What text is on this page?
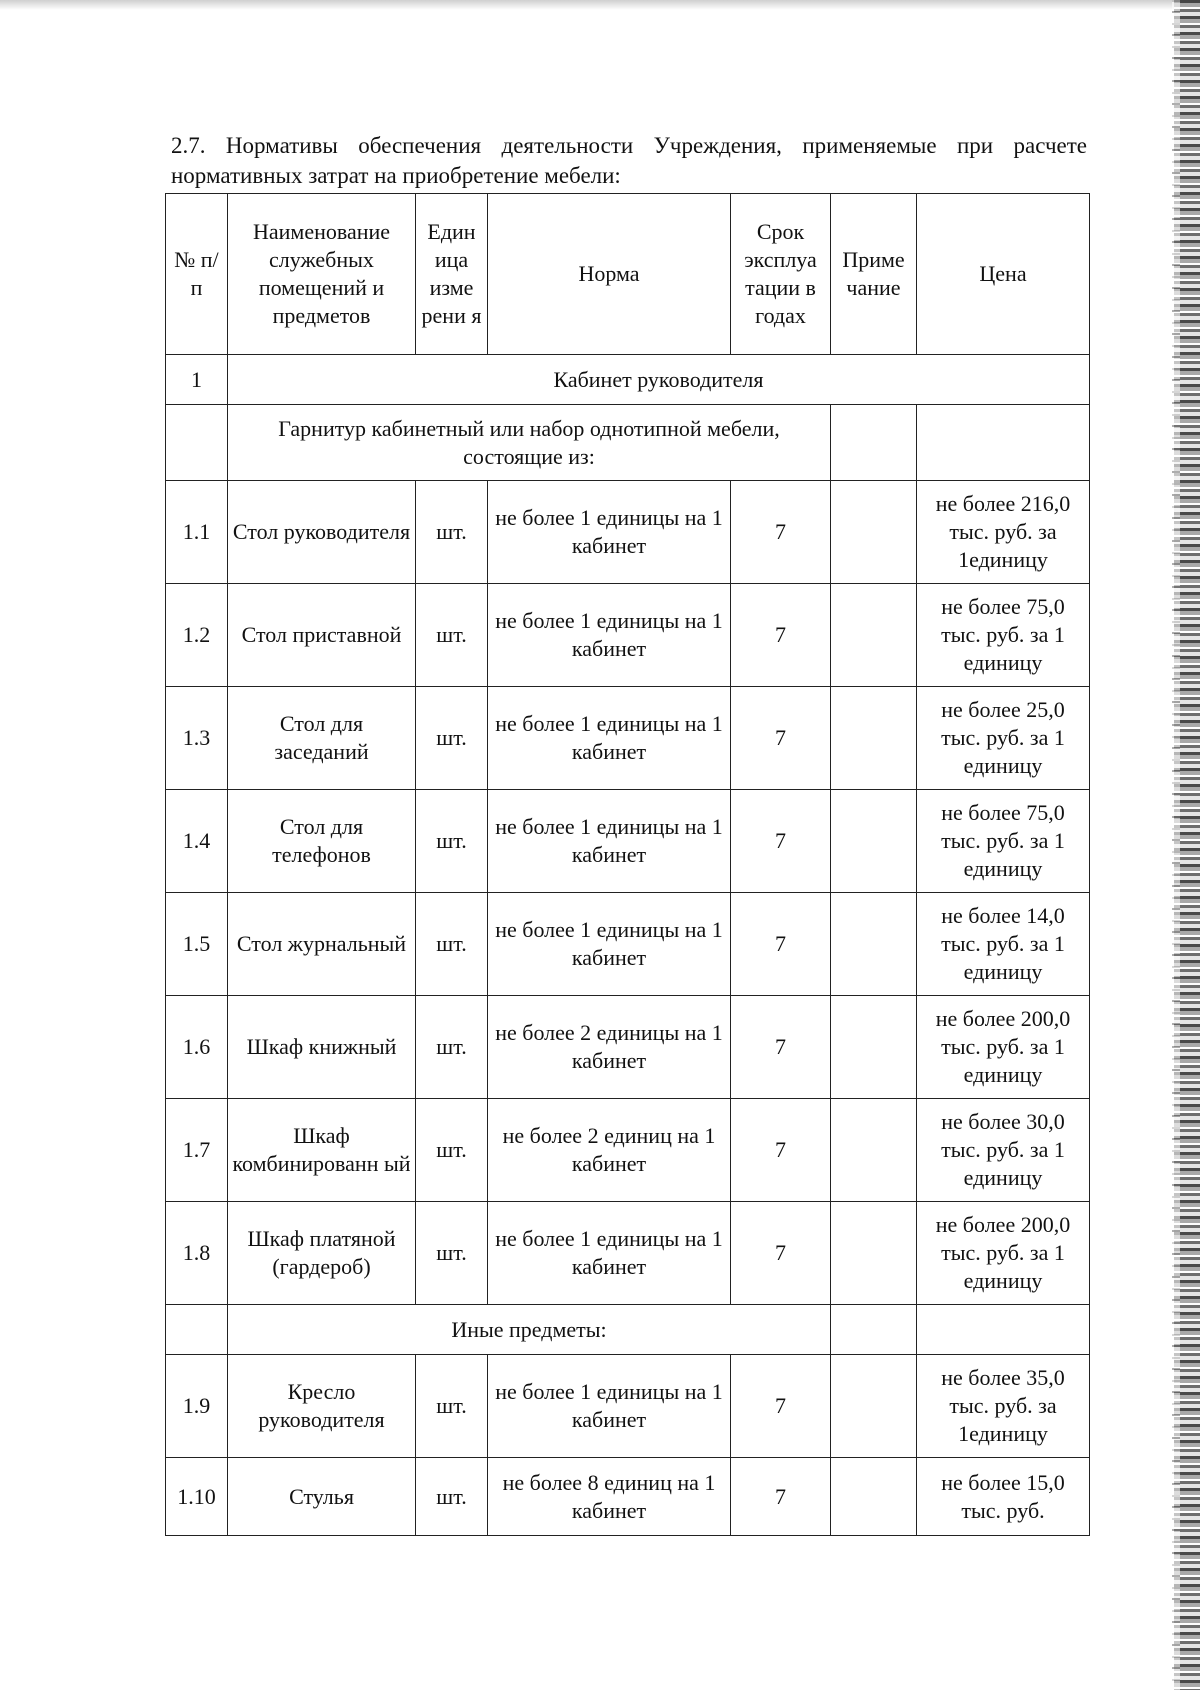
2.7. Нормативы обеспечения деятельности Учреждения, применяемые при расчете нормативных затрат на приобретение мебели:

№ п/п	Наименование служебных помещений и предметов	Един ица изме рени я	Норма	Срок эксплуа тации в годах	Приме чание	Цена
1	Кабинет руководителя					
	Гарнитур кабинетный или набор однотипной мебели, состоящие из:					
1.1	Стол руководителя	шт.	не более 1 единицы на 1 кабинет	7		не более 216,0 тыс. руб. за 1единицу
1.2	Стол приставной	шт.	не более 1 единицы на 1 кабинет	7		не более 75,0 тыс. руб. за 1 единицу
1.3	Стол для заседаний	шт.	не более 1 единицы на 1 кабинет	7		не более 25,0 тыс. руб. за 1 единицу
1.4	Стол для телефонов	шт.	не более 1 единицы на 1 кабинет	7		не более 75,0 тыс. руб. за 1 единицу
1.5	Стол журнальный	шт.	не более 1 единицы на 1 кабинет	7		не более 14,0 тыс. руб. за 1 единицу
1.6	Шкаф книжный	шт.	не более 2 единицы на 1 кабинет	7		не более 200,0 тыс. руб. за 1 единицу
1.7	Шкаф комбинированн ый	шт.	не более 2 единиц на 1 кабинет	7		не более 30,0 тыс. руб. за 1 единицу
1.8	Шкаф платяной (гардероб)	шт.	не более 1 единицы на 1 кабинет	7		не более 200,0 тыс. руб. за 1 единицу
	Иные предметы:					
1.9	Кресло руководителя	шт.	не более 1 единицы на 1 кабинет	7		не более 35,0 тыс. руб. за 1единицу
1.10	Стулья	шт.	не более 8 единиц на 1 кабинет	7		не более 15,0 тыс. руб.
